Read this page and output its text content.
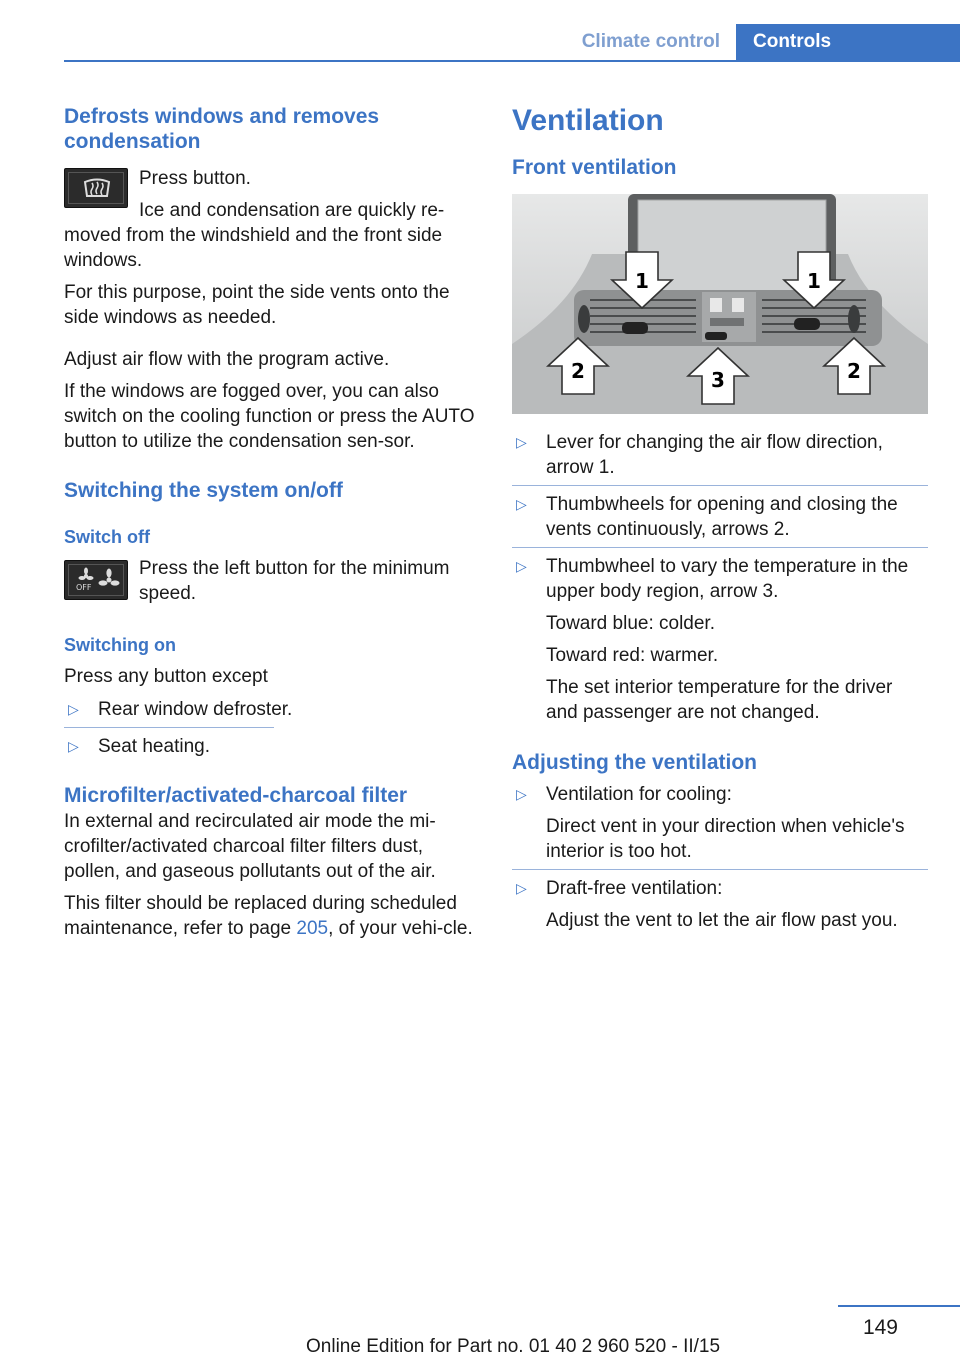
Climate control	Controls
Defrosts windows and removes condensation

Press button.

Ice and condensation are quickly re-

moved from the windshield and the front side windows.

For this purpose, point the side vents onto the side windows as needed.

Adjust air flow with the program active.

If the windows are fogged over, you can also switch on the cooling function or press the AUTO button to utilize the condensation sen-sor.

Switching the system on/off
Switch off
OFF

Press the left button for the minimum speed.

Switching on

Press any button except

▷ Rear window defroster.
▷ Seat heating.
Microfilter/activated-charcoal filter

In external and recirculated air mode the mi-crofilter/activated charcoal filter filters dust, pollen, and gaseous pollutants out of the air.

This filter should be replaced during scheduled maintenance, refer to page 205, of your vehi-cle.

Ventilation
Front ventilation
1	1
2	3	2
▷ Lever for changing the air flow direction, arrow 1.
▷ Thumbwheels for opening and closing the vents continuously, arrows 2.
▷ Thumbwheel to vary the temperature in the upper body region, arrow 3.
Toward blue: colder.
Toward red: warmer.
The set interior temperature for the driver and passenger are not changed.
Adjusting the ventilation
▷ Ventilation for cooling:
Direct vent in your direction when vehicle's interior is too hot.
▷ Draft-free ventilation:
Adjust the vent to let the air flow past you.
149
Online Edition for Part no. 01 40 2 960 520 - II/15
